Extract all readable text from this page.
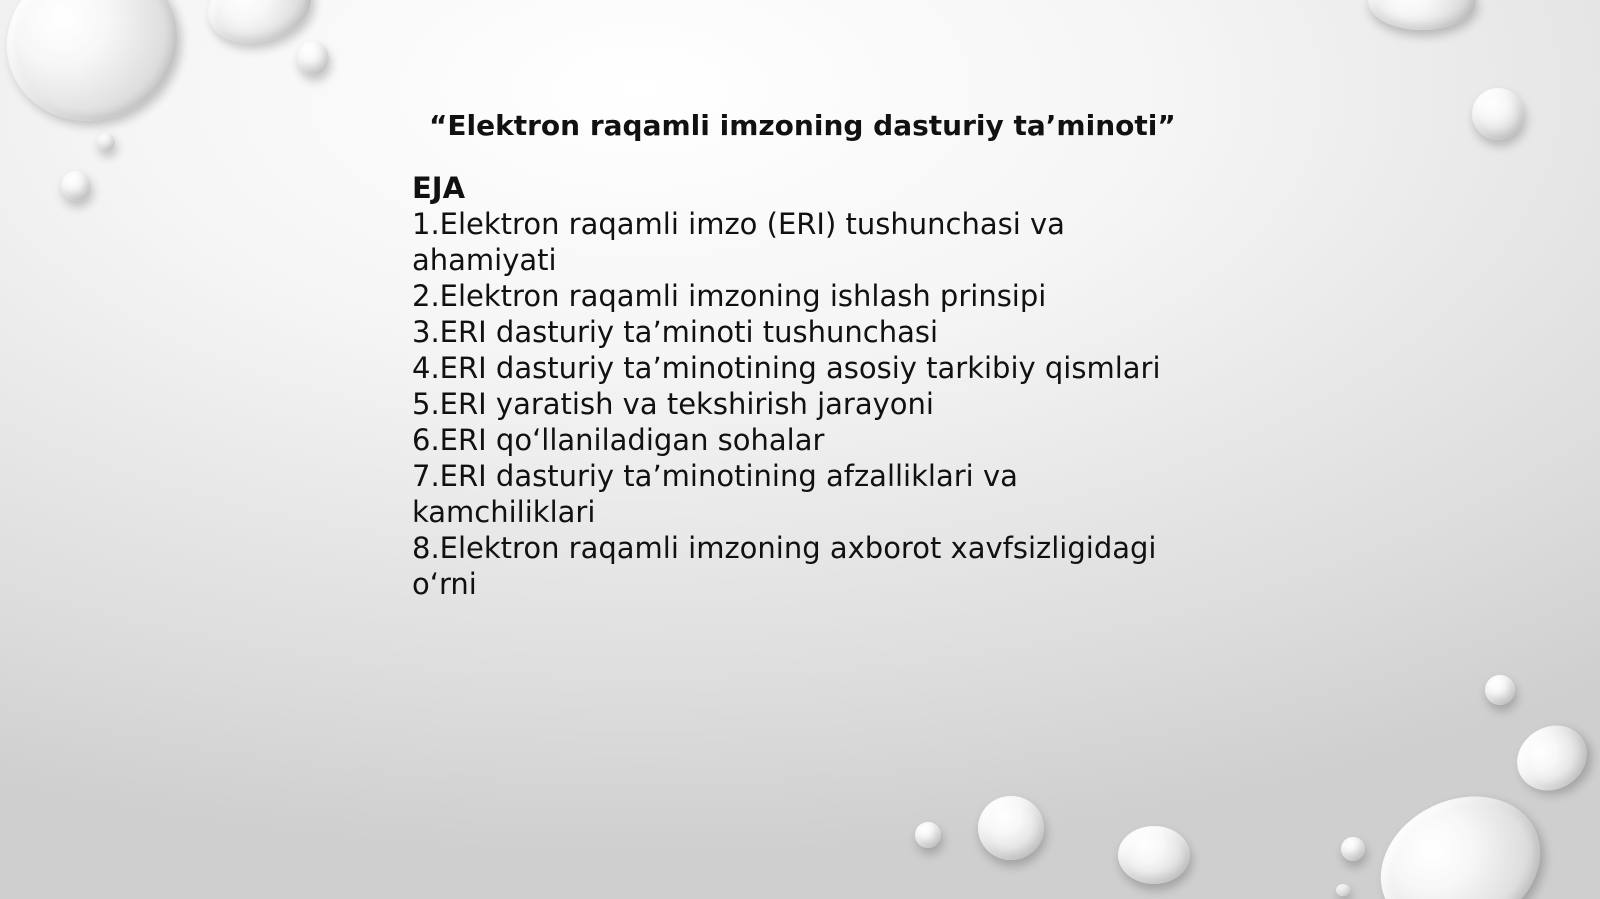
“Elektron raqamli imzoning dasturiy ta’minoti”
EJA
1.Elektron raqamli imzo (ERI) tushunchasi va ahamiyati
2.Elektron raqamli imzoning ishlash prinsipi
3.ERI dasturiy ta’minoti tushunchasi
4.ERI dasturiy ta’minotining asosiy tarkibiy qismlari
5.ERI yaratish va tekshirish jarayoni
6.ERI qo‘llaniladigan sohalar
7.ERI dasturiy ta’minotining afzalliklari va kamchiliklari
8.Elektron raqamli imzoning axborot xavfsizligidagi o‘rni
